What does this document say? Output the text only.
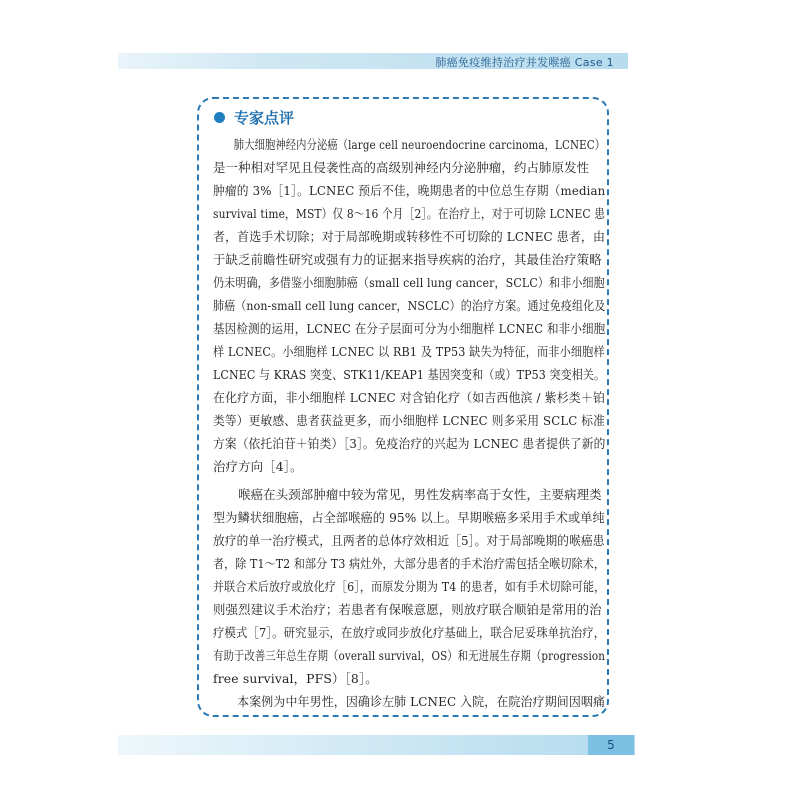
肺癌免疫维持治疗并发喉癌 Case 1
专家点评
　　肺大细胞神经内分泌癌（large cell neuroendocrine carcinoma，LCNEC）
是一种相对罕见且侵袭性高的高级别神经内分泌肿瘤，约占肺原发性
肿瘤的 3%［1］。LCNEC 预后不佳，晚期患者的中位总生存期（median
survival time，MST）仅 8～16 个月［2］。在治疗上，对于可切除 LCNEC 患
者，首选手术切除；对于局部晚期或转移性不可切除的 LCNEC 患者，由
于缺乏前瞻性研究或强有力的证据来指导疾病的治疗，其最佳治疗策略
仍未明确，多借鉴小细胞肺癌（small cell lung cancer，SCLC）和非小细胞
肺癌（non-small cell lung cancer，NSCLC）的治疗方案。通过免疫组化及
基因检测的运用，LCNEC 在分子层面可分为小细胞样 LCNEC 和非小细胞
样 LCNEC。小细胞样 LCNEC 以 RB1 及 TP53 缺失为特征，而非小细胞样
LCNEC 与 KRAS 突变、STK11/KEAP1 基因突变和（或）TP53 突变相关。
在化疗方面，非小细胞样 LCNEC 对含铂化疗（如吉西他滨 / 紫杉类＋铂
类等）更敏感、患者获益更多，而小细胞样 LCNEC 则多采用 SCLC 标准
方案（依托泊苷＋铂类）［3］。免疫治疗的兴起为 LCNEC 患者提供了新的
治疗方向［4］。
　　喉癌在头颈部肿瘤中较为常见，男性发病率高于女性，主要病理类
型为鳞状细胞癌，占全部喉癌的 95% 以上。早期喉癌多采用手术或单纯
放疗的单一治疗模式，且两者的总体疗效相近［5］。对于局部晚期的喉癌患
者，除 T1～T2 和部分 T3 病灶外，大部分患者的手术治疗需包括全喉切除术，
并联合术后放疗或放化疗［6］，而原发分期为 T4 的患者，如有手术切除可能，
则强烈建议手术治疗；若患者有保喉意愿，则放疗联合顺铂是常用的治
疗模式［7］。研究显示，在放疗或同步放化疗基础上，联合尼妥珠单抗治疗，
有助于改善三年总生存期（overall survival，OS）和无进展生存期（progression
free survival，PFS）［8］。
　　本案例为中年男性，因确诊左肺 LCNEC 入院，在院治疗期间因咽痛
5
